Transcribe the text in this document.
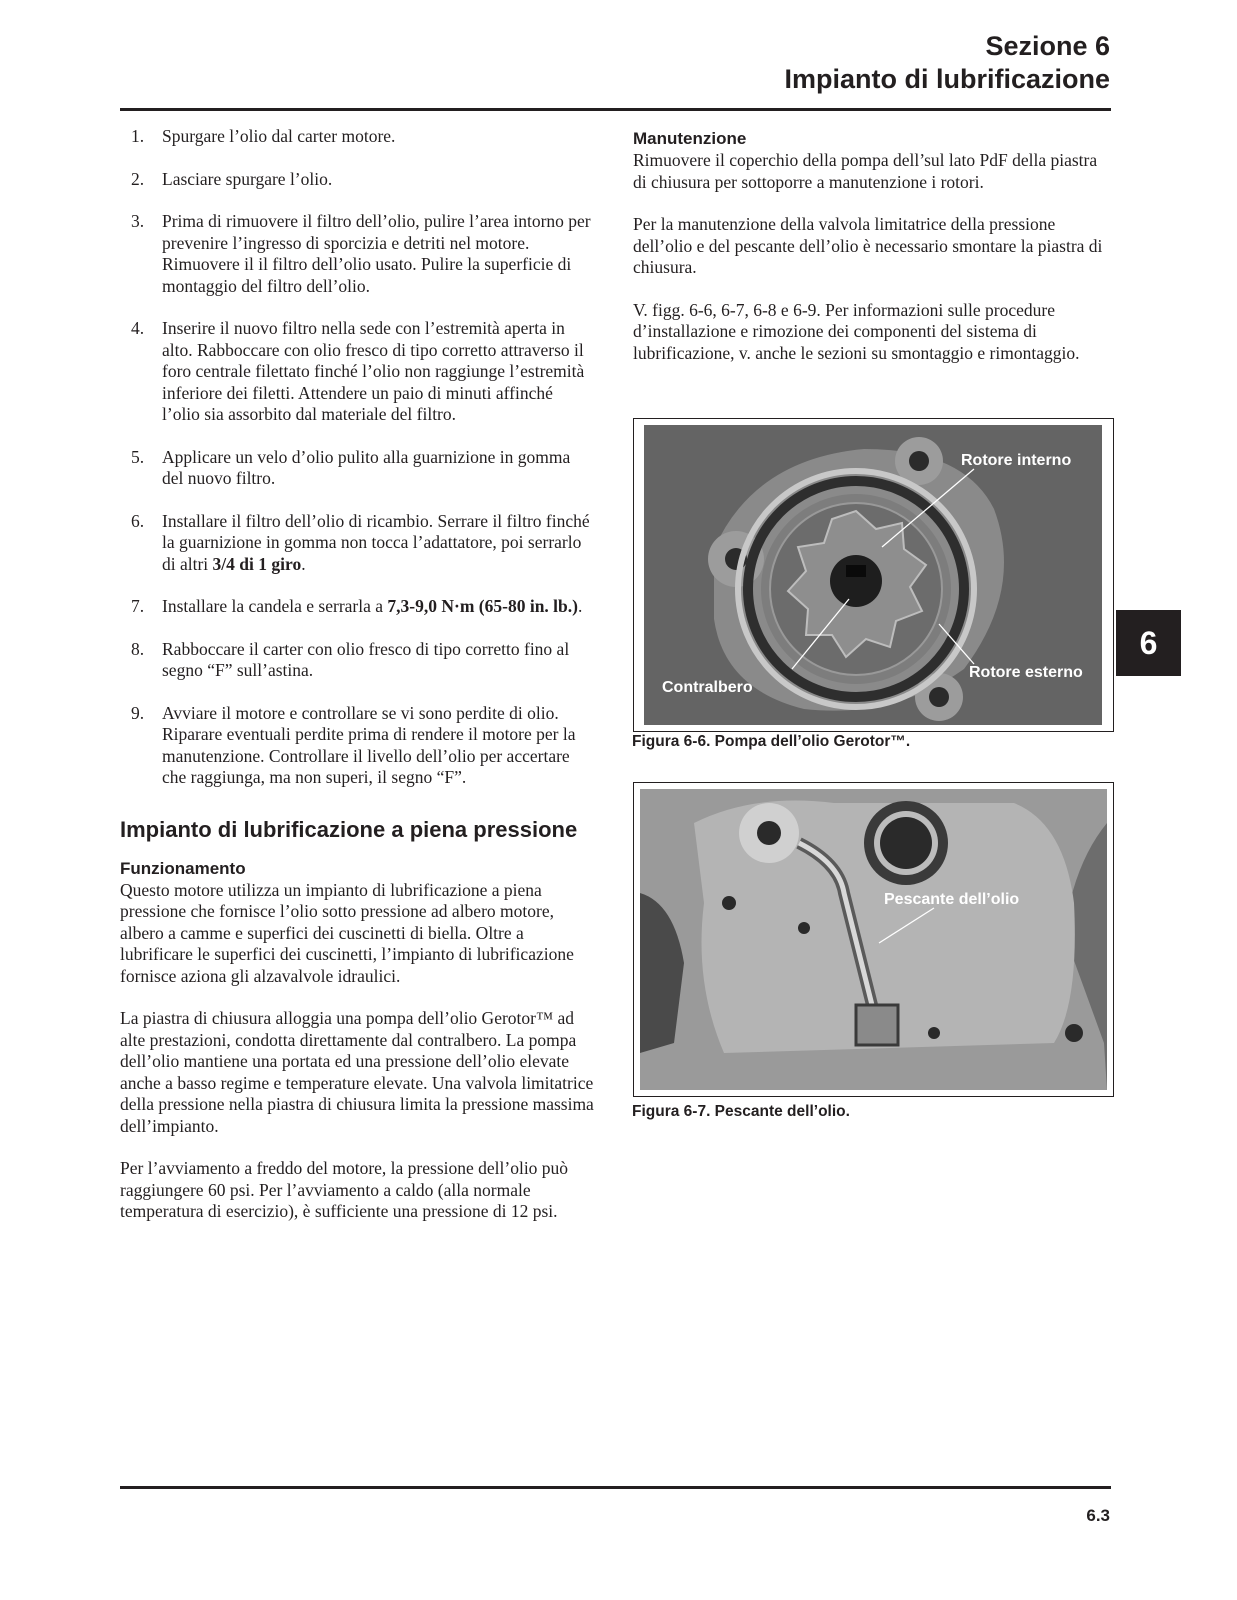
Sezione 6
Impianto di lubrificazione
1. Spurgare l’olio dal carter motore.
2. Lasciare spurgare l’olio.
3. Prima di rimuovere il filtro dell’olio, pulire l’area intorno per prevenire l’ingresso di sporcizia e detriti nel motore. Rimuovere il il filtro dell’olio usato. Pulire la superficie di montaggio del filtro dell’olio.
4. Inserire il nuovo filtro nella sede con l’estremità aperta in alto. Rabboccare con olio fresco di tipo corretto attraverso il foro centrale filettato finché l’olio non raggiunge l’estremità inferiore dei filetti. Attendere un paio di minuti affinché l’olio sia assorbito dal materiale del filtro.
5. Applicare un velo d’olio pulito alla guarnizione in gomma del nuovo filtro.
6. Installare il filtro dell’olio di ricambio. Serrare il filtro finché la guarnizione in gomma non tocca l’adattatore, poi serrarlo di altri 3/4 di 1 giro.
7. Installare la candela e serrarla a 7,3-9,0 N·m (65-80 in. lb.).
8. Rabboccare il carter con olio fresco di tipo corretto fino al segno “F” sull’astina.
9. Avviare il motore e controllare se vi sono perdite di olio. Riparare eventuali perdite prima di rendere il motore per la manutenzione. Controllare il livello dell’olio per accertare che raggiunga, ma non superi, il segno “F”.
Impianto di lubrificazione a piena pressione
Funzionamento

Questo motore utilizza un impianto di lubrificazione a piena pressione che fornisce l’olio sotto pressione ad albero motore, albero a camme e superfici dei cuscinetti di biella. Oltre a lubrificare le superfici dei cuscinetti, l’impianto di lubrificazione fornisce aziona gli alzavalvole idraulici.

La piastra di chiusura alloggia una pompa dell’olio Gerotor™ ad alte prestazioni, condotta direttamente dal contralbero. La pompa dell’olio mantiene una portata ed una pressione dell’olio elevate anche a basso regime e temperature elevate. Una valvola limitatrice della pressione nella piastra di chiusura limita la pressione massima dell’impianto.

Per l’avviamento a freddo del motore, la pressione dell’olio può raggiungere 60 psi. Per l’avviamento a caldo (alla normale temperatura di esercizio), è sufficiente una pressione di 12 psi.

Manutenzione

Rimuovere il coperchio della pompa dell’sul lato PdF della piastra di chiusura per sottoporre a manutenzione i rotori.

Per la manutenzione della valvola limitatrice della pressione dell’olio e del pescante dell’olio è necessario smontare la piastra di chiusura.

V. figg. 6-6, 6-7, 6-8 e 6-9. Per informazioni sulle procedure d’installazione e rimozione dei componenti del sistema di lubrificazione, v. anche le sezioni su smontaggio e rimontaggio.

Rotore interno
Rotore esterno
Contralbero
Figura 6-6. Pompa dell’olio Gerotor™.
Pescante dell’olio
Figura 6-7. Pescante dell’olio.
6
6.3
